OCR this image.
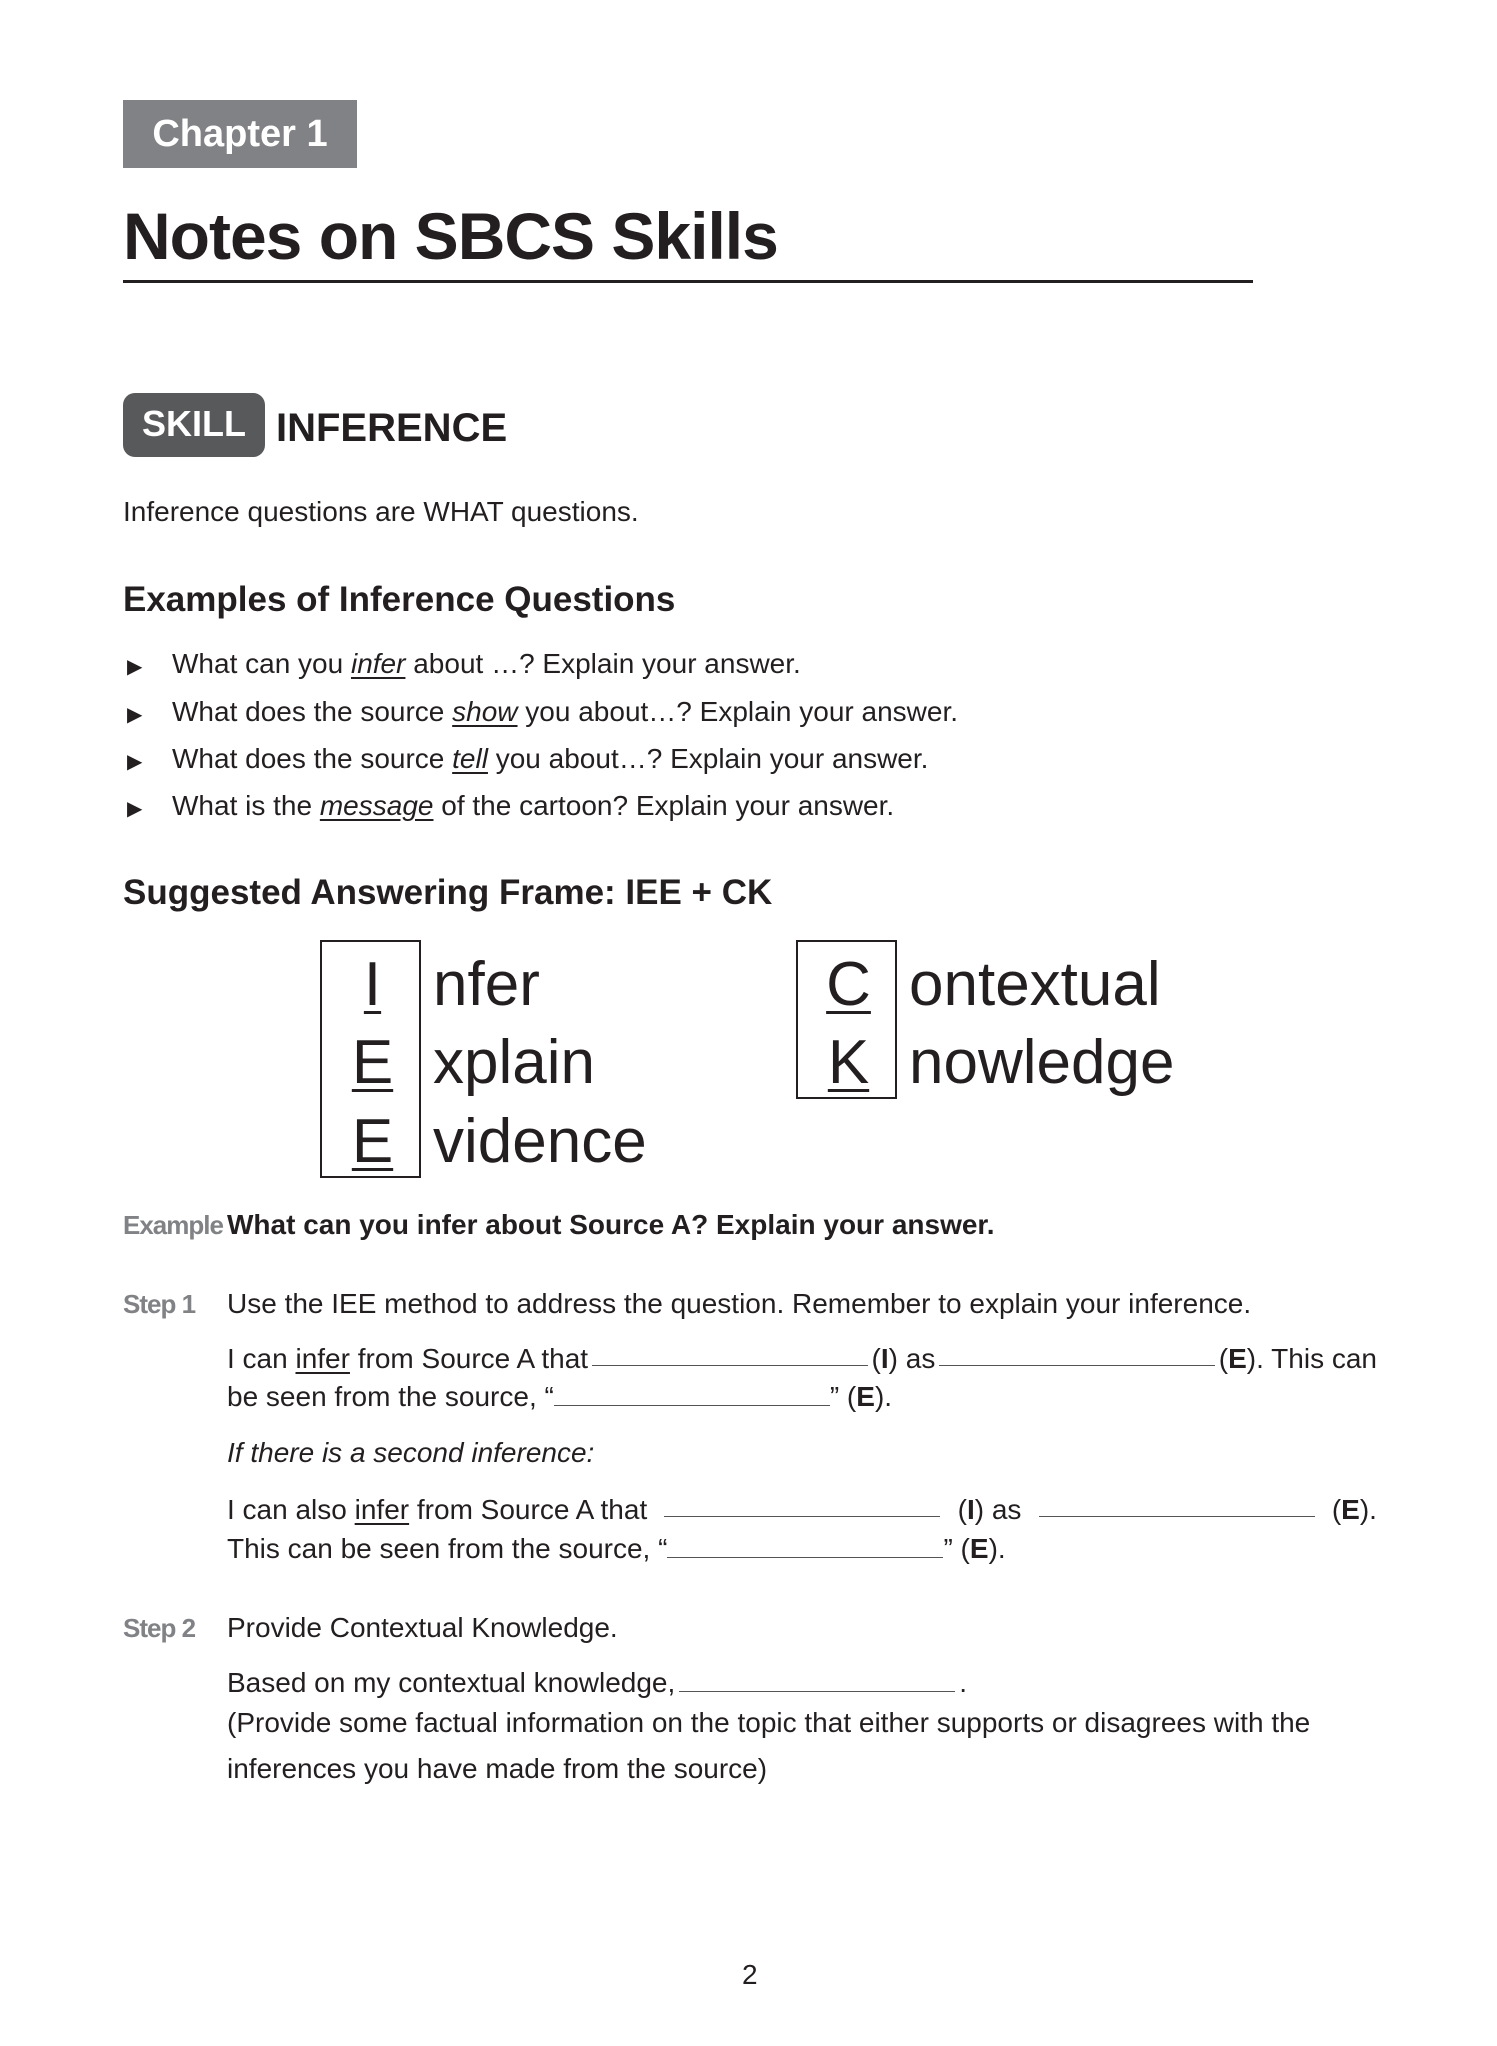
Chapter 1
Notes on SBCS Skills
SKILL INFERENCE
Inference questions are WHAT questions.
Examples of Inference Questions
▶ What can you infer about …? Explain your answer.
▶ What does the source show you about…? Explain your answer.
▶ What does the source tell you about…? Explain your answer.
▶ What is the message of the cartoon? Explain your answer.
Suggested Answering Frame: IEE + CK
I nfer
E xplain
E vidence
C ontextual
K nowledge
Example What can you infer about Source A? Explain your answer.
Step 1 Use the IEE method to address the question. Remember to explain your inference.
I can infer from Source A that	(I) as	(E). This can
be seen from the source, “	” (E).
If there is a second inference:
I can also infer from Source A that	(I) as	(E).
This can be seen from the source, “	” (E).
Step 2 Provide Contextual Knowledge.
Based on my contextual knowledge,	.
(Provide some factual information on the topic that either supports or disagrees with the
inferences you have made from the source)
2
